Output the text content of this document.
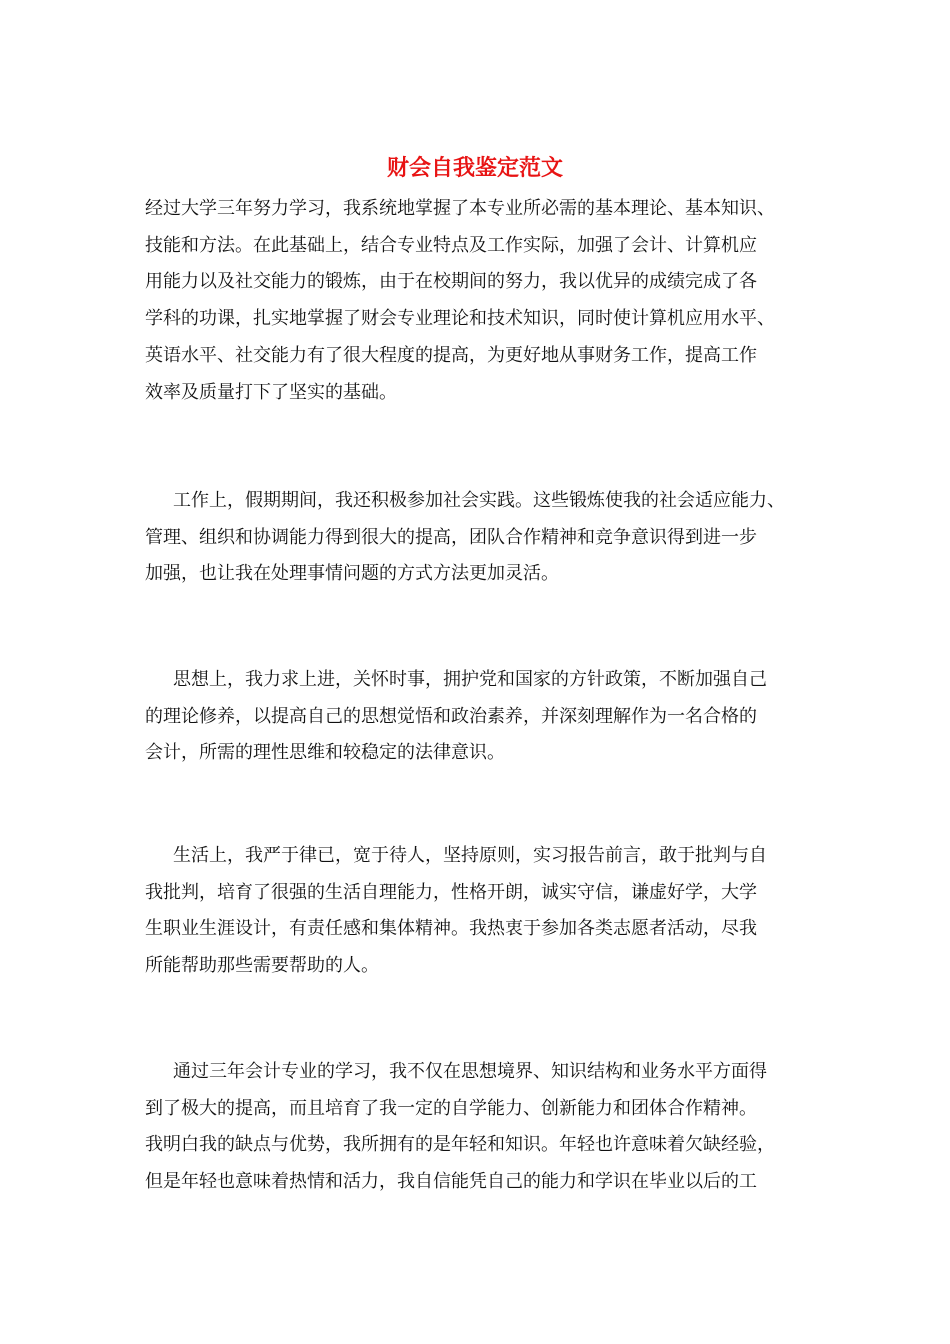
财会自我鉴定范文
经过大学三年努力学习，我系统地掌握了本专业所必需的基本理论、基本知识、
技能和方法。在此基础上，结合专业特点及工作实际，加强了会计、计算机应
用能力以及社交能力的锻炼，由于在校期间的努力，我以优异的成绩完成了各
学科的功课，扎实地掌握了财会专业理论和技术知识，同时使计算机应用水平、
英语水平、社交能力有了很大程度的提高，为更好地从事财务工作，提高工作
效率及质量打下了坚实的基础。
工作上，假期期间，我还积极参加社会实践。这些锻炼使我的社会适应能力、
管理、组织和协调能力得到很大的提高，团队合作精神和竞争意识得到进一步
加强，也让我在处理事情问题的方式方法更加灵活。
思想上，我力求上进，关怀时事，拥护党和国家的方针政策，不断加强自己
的理论修养，以提高自己的思想觉悟和政治素养，并深刻理解作为一名合格的
会计，所需的理性思维和较稳定的法律意识。
生活上，我严于律已，宽于待人，坚持原则，实习报告前言，敢于批判与自
我批判，培育了很强的生活自理能力，性格开朗，诚实守信，谦虚好学，大学
生职业生涯设计，有责任感和集体精神。我热衷于参加各类志愿者活动，尽我
所能帮助那些需要帮助的人。
通过三年会计专业的学习，我不仅在思想境界、知识结构和业务水平方面得
到了极大的提高，而且培育了我一定的自学能力、创新能力和团体合作精神。
我明白我的缺点与优势，我所拥有的是年轻和知识。年轻也许意味着欠缺经验，
但是年轻也意味着热情和活力，我自信能凭自己的能力和学识在毕业以后的工
